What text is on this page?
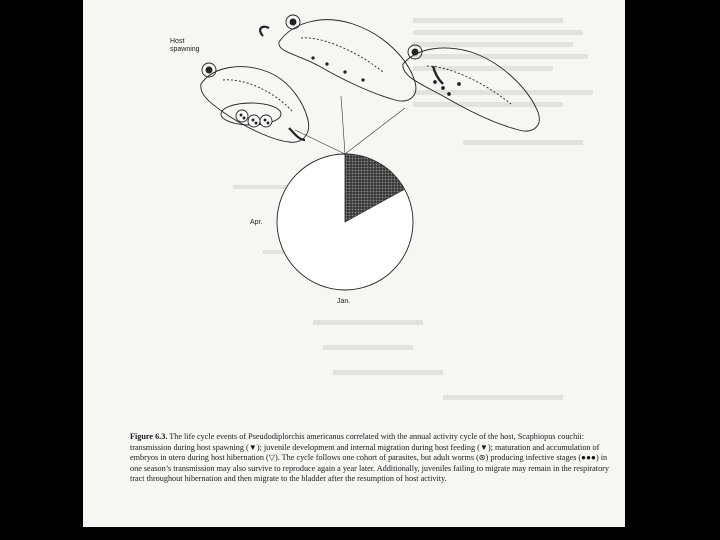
Host
spawning
Apr.
Jan.
Figure 6.3. The life cycle events of Pseudodiplorchis americanus correlated with the annual activity cycle of the host, Scaphiopus couchii: transmission during host spawning (▼); juvenile development and internal migration during host feeding (▼); maturation and accumulation of embryos in utero during host hibernation (▽). The cycle follows one cohort of parasites, but adult worms (⊛) producing infective stages (●●●) in one season’s transmission may also survive to reproduce again a year later. Additionally, juveniles failing to migrate may remain in the respiratory tract throughout hibernation and then migrate to the bladder after the resumption of host activity.
